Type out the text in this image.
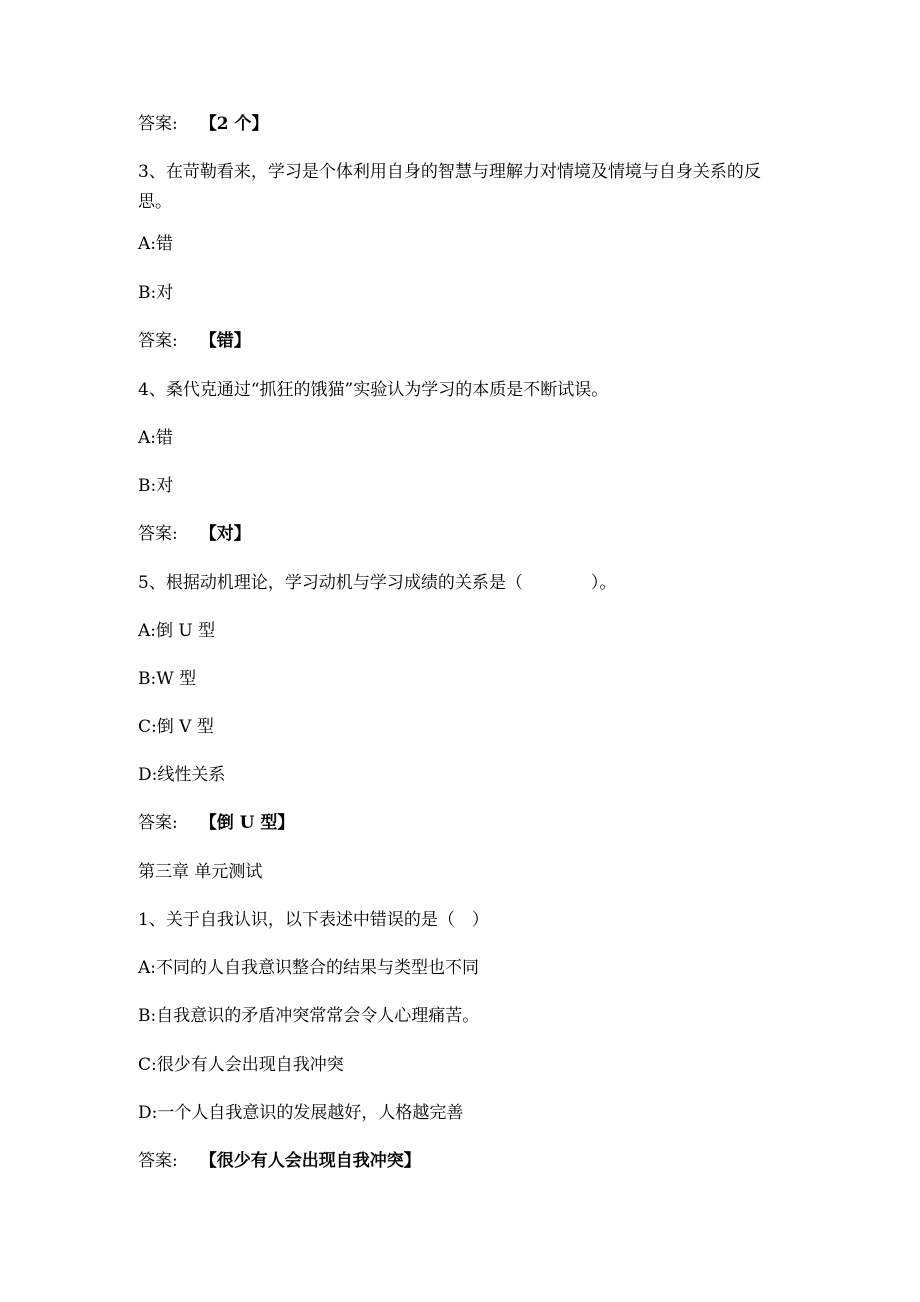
答案: 【2 个】
3、在苛勒看来，学习是个体利用自身的智慧与理解力对情境及情境与自身关系的反思。
A:错
B:对
答案: 【错】
4、桑代克通过“抓狂的饿猫”实验认为学习的本质是不断试误。
A:错
B:对
答案: 【对】
5、根据动机理论，学习动机与学习成绩的关系是（　　　　）。
A:倒 U 型
B:W 型
C:倒 V 型
D:线性关系
答案: 【倒 U 型】
第三章 单元测试
1、关于自我认识，以下表述中错误的是（　）
A:不同的人自我意识整合的结果与类型也不同
B:自我意识的矛盾冲突常常会令人心理痛苦。
C:很少有人会出现自我冲突
D:一个人自我意识的发展越好，人格越完善
答案: 【很少有人会出现自我冲突】
